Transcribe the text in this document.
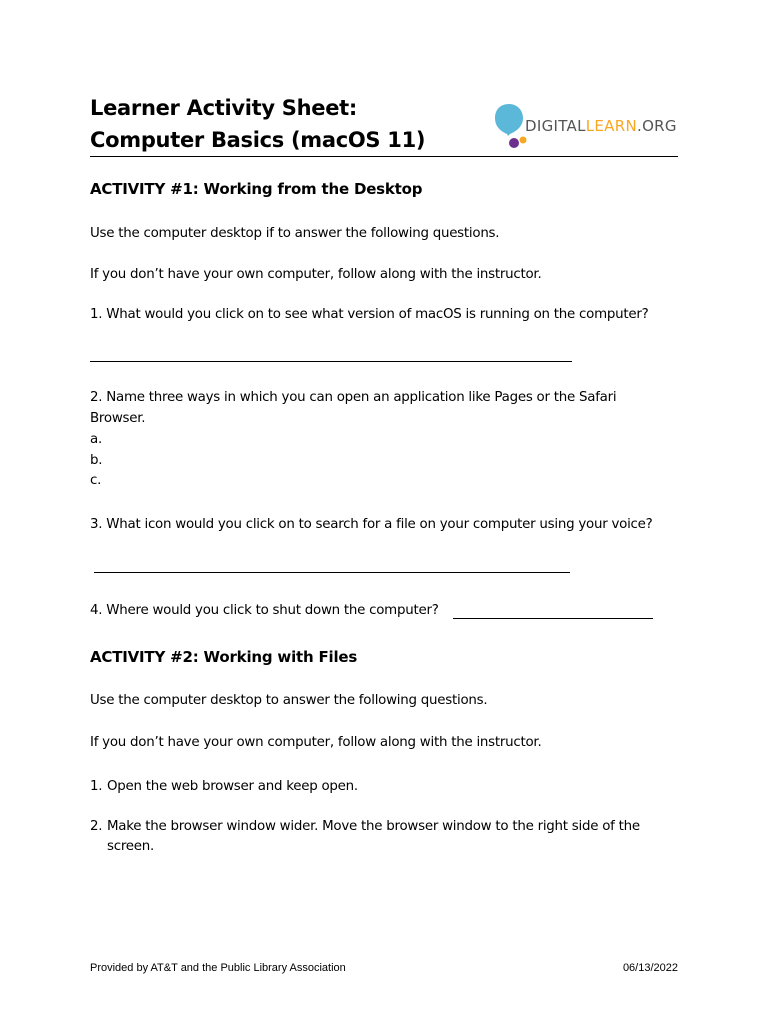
Learner Activity Sheet:
Computer Basics (macOS 11)
DIGITALLEARN.ORG
ACTIVITY #1: Working from the Desktop

Use the computer desktop if to answer the following questions.

If you don’t have your own computer, follow along with the instructor.

1. What would you click on to see what version of macOS is running on the computer?

2. Name three ways in which you can open an application like Pages or the Safari

Browser.

a.

b.

c.

3. What icon would you click on to search for a file on your computer using your voice?

4. Where would you click to shut down the computer?

ACTIVITY #2: Working with Files

Use the computer desktop to answer the following questions.

If you don’t have your own computer, follow along with the instructor.

1. Open the web browser and keep open.
2. Make the browser window wider. Move the browser window to the right side of the
screen.

Provided by AT&T and the Public Library Association	06/13/2022
